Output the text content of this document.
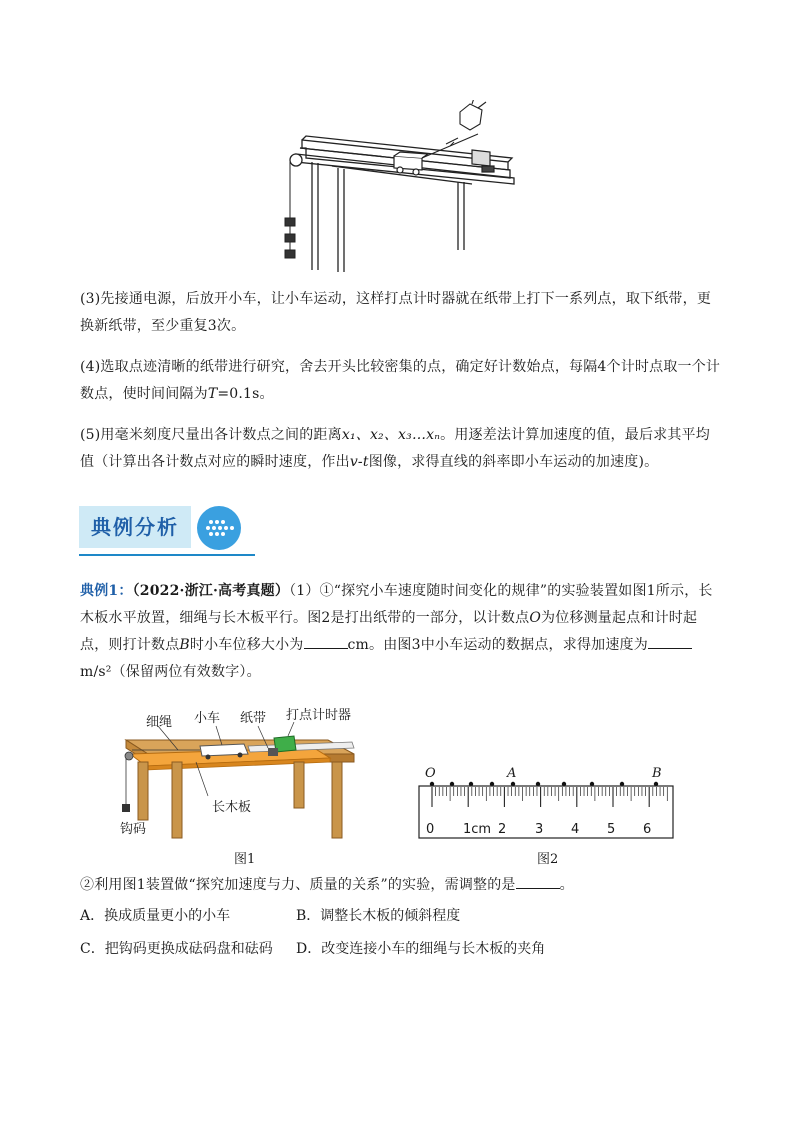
(3)先接通电源，后放开小车，让小车运动，这样打点计时器就在纸带上打下一系列点，取下纸带，更换新纸带，至少重复3次。
(4)选取点迹清晰的纸带进行研究，舍去开头比较密集的点，确定好计数始点，每隔4个计时点取一个计数点，使时间间隔为T=0.1s。
(5)用毫米刻度尺量出各计数点之间的距离x₁、x₂、x₃…xₙ。用逐差法计算加速度的值，最后求其平均值（计算出各计数点对应的瞬时速度，作出v-t图像，求得直线的斜率即小车运动的加速度)。
典例分析
典例1：（2022·浙江·高考真题）（1）①“探究小车速度随时间变化的规律”的实验装置如图1所示，长木板水平放置，细绳与长木板平行。图2是打出纸带的一部分，以计数点O为位移测量起点和计时起点，则打计数点B时小车位移大小为	cm。由图3中小车运动的数据点，求得加速度为m/s²（保留两位有效数字）。
细绳 小车 纸带 打点计时器
长木板
钩码
图1
O	A	B
0 1cm 2 3 4 5 6
图2
②利用图1装置做“探究加速度与力、质量的关系”的实验，需调整的是	。
A．换成质量更小的小车	B．调整长木板的倾斜程度
C．把钩码更换成砝码盘和砝码 D．改变连接小车的细绳与长木板的夹角
